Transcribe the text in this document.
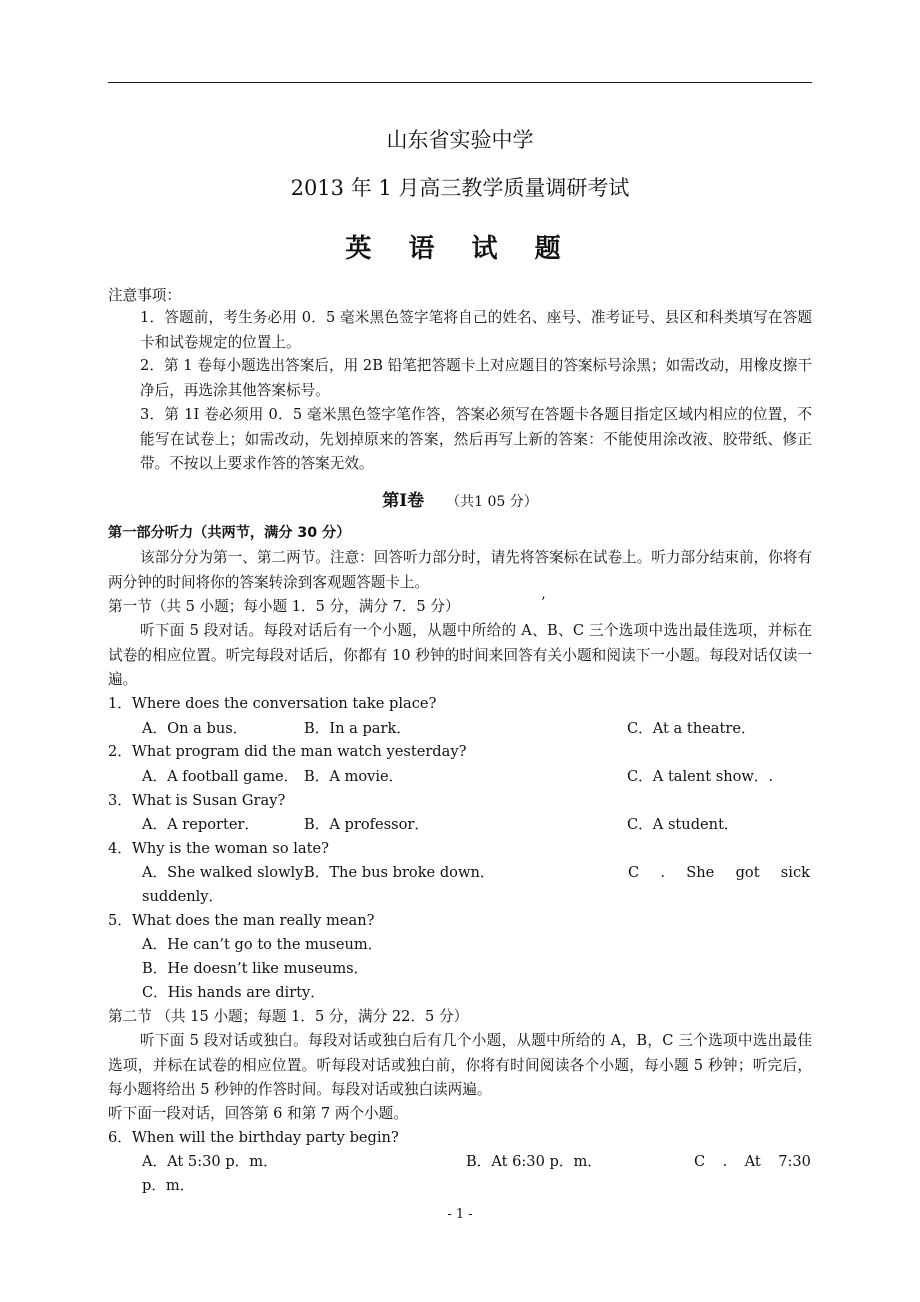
山东省实验中学
2013 年 1 月高三教学质量调研考试
英 语 试 题
注意事项：
1．答题前，考生务必用 0．5 毫米黑色签字笔将自己的姓名、座号、准考证号、县区和科类填写在答题卡和试卷规定的位置上。
2．第 1 卷每小题选出答案后，用 2B 铅笔把答题卡上对应题目的答案标号涂黑；如需改动，用橡皮擦干净后，再选涂其他答案标号。
3．第 1I 卷必须用 0．5 毫米黑色签字笔作答，答案必须写在答题卡各题目指定区域内相应的位置，不能写在试卷上；如需改动，先划掉原来的答案，然后再写上新的答案：不能使用涂改液、胶带纸、修正带。不按以上要求作答的答案无效。
第I卷 （共1 05 分）
第一部分听力（共两节，满分 30 分）
该部分分为第一、第二两节。注意：回答听力部分时，请先将答案标在试卷上。听力部分结束前，你将有两分钟的时间将你的答案转涂到客观题答题卡上。
第一节（共 5 小题；每小题 1．5 分，满分 7．5 分）	’
听下面 5 段对话。每段对话后有一个小题，从题中所给的 A、B、C 三个选项中选出最佳选项，并标在试卷的相应位置。听完每段对话后，你都有 10 秒钟的时间来回答有关小题和阅读下一小题。每段对话仅读一遍。
1．Where does the conversation take place?
A．On a bus．	B．In a park．	C．At a theatre．
2．What program did the man watch yesterday?
A．A football game． B．A movie．	C．A talent show．.
3．What is Susan Gray?
A．A reporter．	B．A professor．	C．A student．
4．Why is the woman so late?
A．She walked slowly．
B．The bus broke down．	C . She got sick
suddenly．
5．What does the man really mean?
A．He can’t go to the museum．
B．He doesn’t like museums．
C．His hands are dirty．
第二节 （共 15 小题；每题 1．5 分，满分 22．5 分）
听下面 5 段对话或独白。每段对话或独白后有几个小题，从题中所给的 A，B，C 三个选项中选出最佳选项，并标在试卷的相应位置。听每段对话或独白前，你将有时间阅读各个小题，每小题 5 秒钟；听完后，每小题将给出 5 秒钟的作答时间。每段对话或独白读两遍。
听下面一段对话，回答第 6 和第 7 两个小题。
6．When will the birthday party begin?
A．At 5:30 p．m．	B．At 6:30 p．m．	C . At 7:30
p．m．
- 1 -
